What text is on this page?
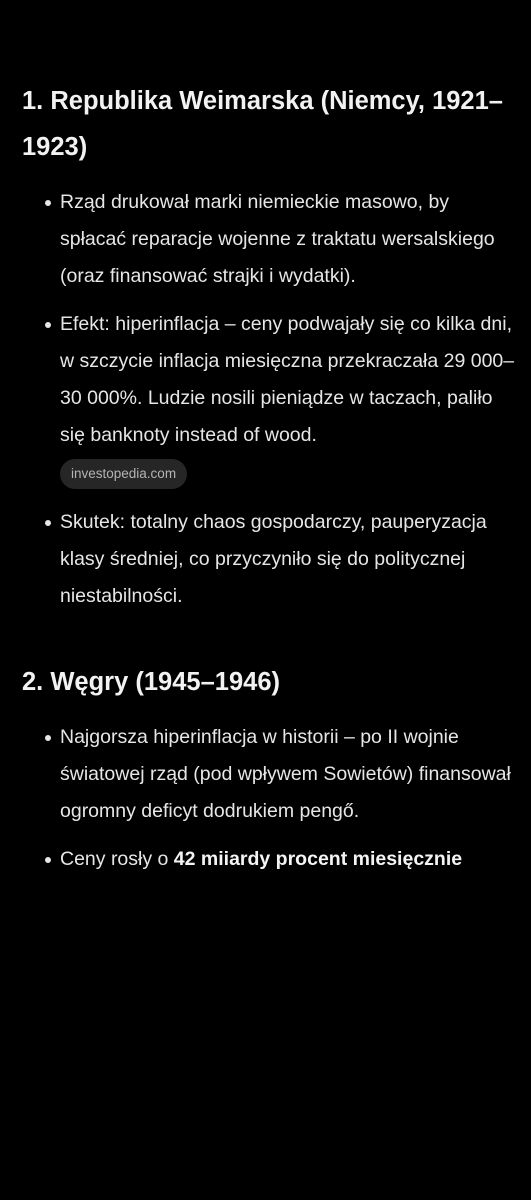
1. Republika Weimarska (Niemcy, 1921–1923)
Rząd drukował marki niemieckie masowo, by spłacać reparacje wojenne z traktatu wersalskiego (oraz finansować strajki i wydatki).
Efekt: hiperinflacja – ceny podwajały się co kilka dni, w szczycie inflacja miesięczna przekraczała 29 000–30 000%. Ludzie nosili pieniądze w taczach, paliło się banknoty instead of wood.
investopedia.com
Skutek: totalny chaos gospodarczy, pauperyzacja klasy średniej, co przyczyniło się do politycznej niestabilności.
2. Węgry (1945–1946)
Najgorsza hiperinflacja w historii – po II wojnie światowej rząd (pod wpływem Sowietów) finansował ogromny deficyt dodrukiem pengő.
Ceny rosły o 42 miiardy procent miesięcznie
